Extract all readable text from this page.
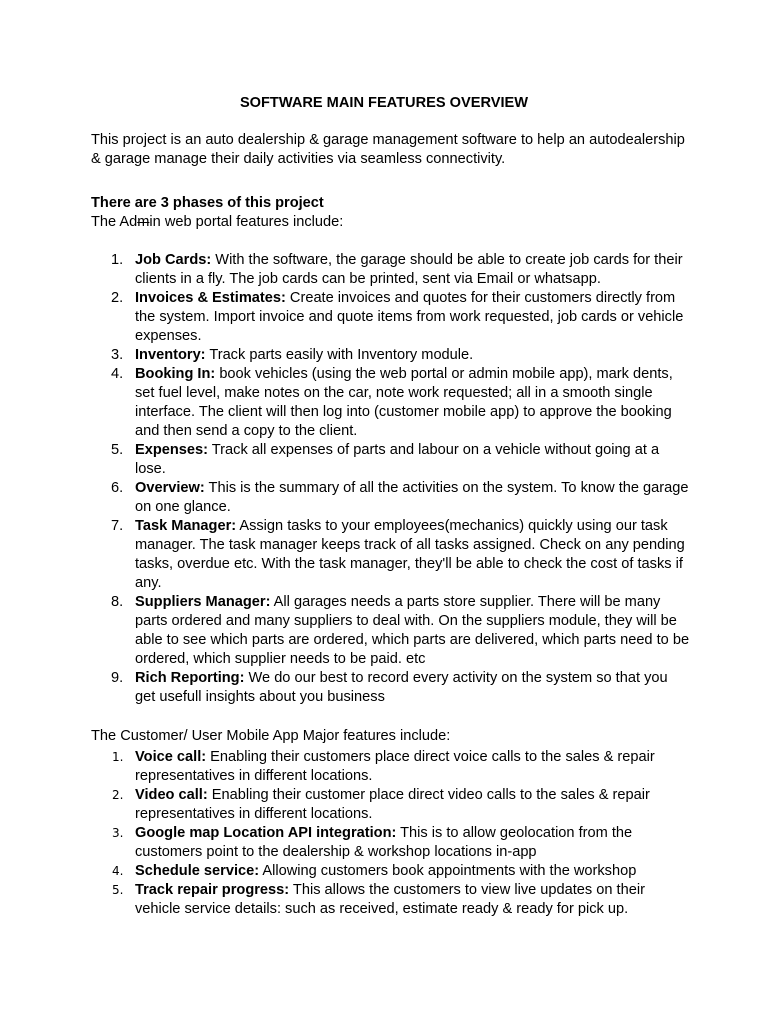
SOFTWARE MAIN FEATURES OVERVIEW
This project is an auto dealership & garage management software to help an autodealership & garage manage their daily activities via seamless connectivity.
There are 3 phases of this project
The Admin web portal features include:
1. Job Cards: With the software, the garage should be able to create job cards for their clients in a fly. The job cards can be printed, sent via Email or whatsapp.
2. Invoices & Estimates: Create invoices and quotes for their customers directly from the system. Import invoice and quote items from work requested, job cards or vehicle expenses.
3. Inventory: Track parts easily with Inventory module.
4. Booking In: book vehicles (using the web portal or admin mobile app), mark dents, set fuel level, make notes on the car, note work requested; all in a smooth single interface. The client will then log into (customer mobile app) to approve the booking and then send a copy to the client.
5. Expenses: Track all expenses of parts and labour on a vehicle without going at a lose.
6. Overview: This is the summary of all the activities on the system. To know the garage on one glance.
7. Task Manager: Assign tasks to your employees(mechanics) quickly using our task manager. The task manager keeps track of all tasks assigned. Check on any pending tasks, overdue etc. With the task manager, they'll be able to check the cost of tasks if any.
8. Suppliers Manager: All garages needs a parts store supplier. There will be many parts ordered and many suppliers to deal with. On the suppliers module, they will be able to see which parts are ordered, which parts are delivered, which parts need to be ordered, which supplier needs to be paid. etc
9. Rich Reporting: We do our best to record every activity on the system so that you get usefull insights about you business
The Customer/ User Mobile App Major features include:
1. Voice call: Enabling their customers place direct voice calls to the sales & repair representatives in different locations.
2. Video call: Enabling their customer place direct video calls to the sales & repair representatives in different locations.
3. Google map Location API integration: This is to allow geolocation from the customers point to the dealership & workshop locations in-app
4. Schedule service: Allowing customers book appointments with the workshop
5. Track repair progress: This allows the customers to view live updates on their vehicle service details: such as received, estimate ready & ready for pick up.
